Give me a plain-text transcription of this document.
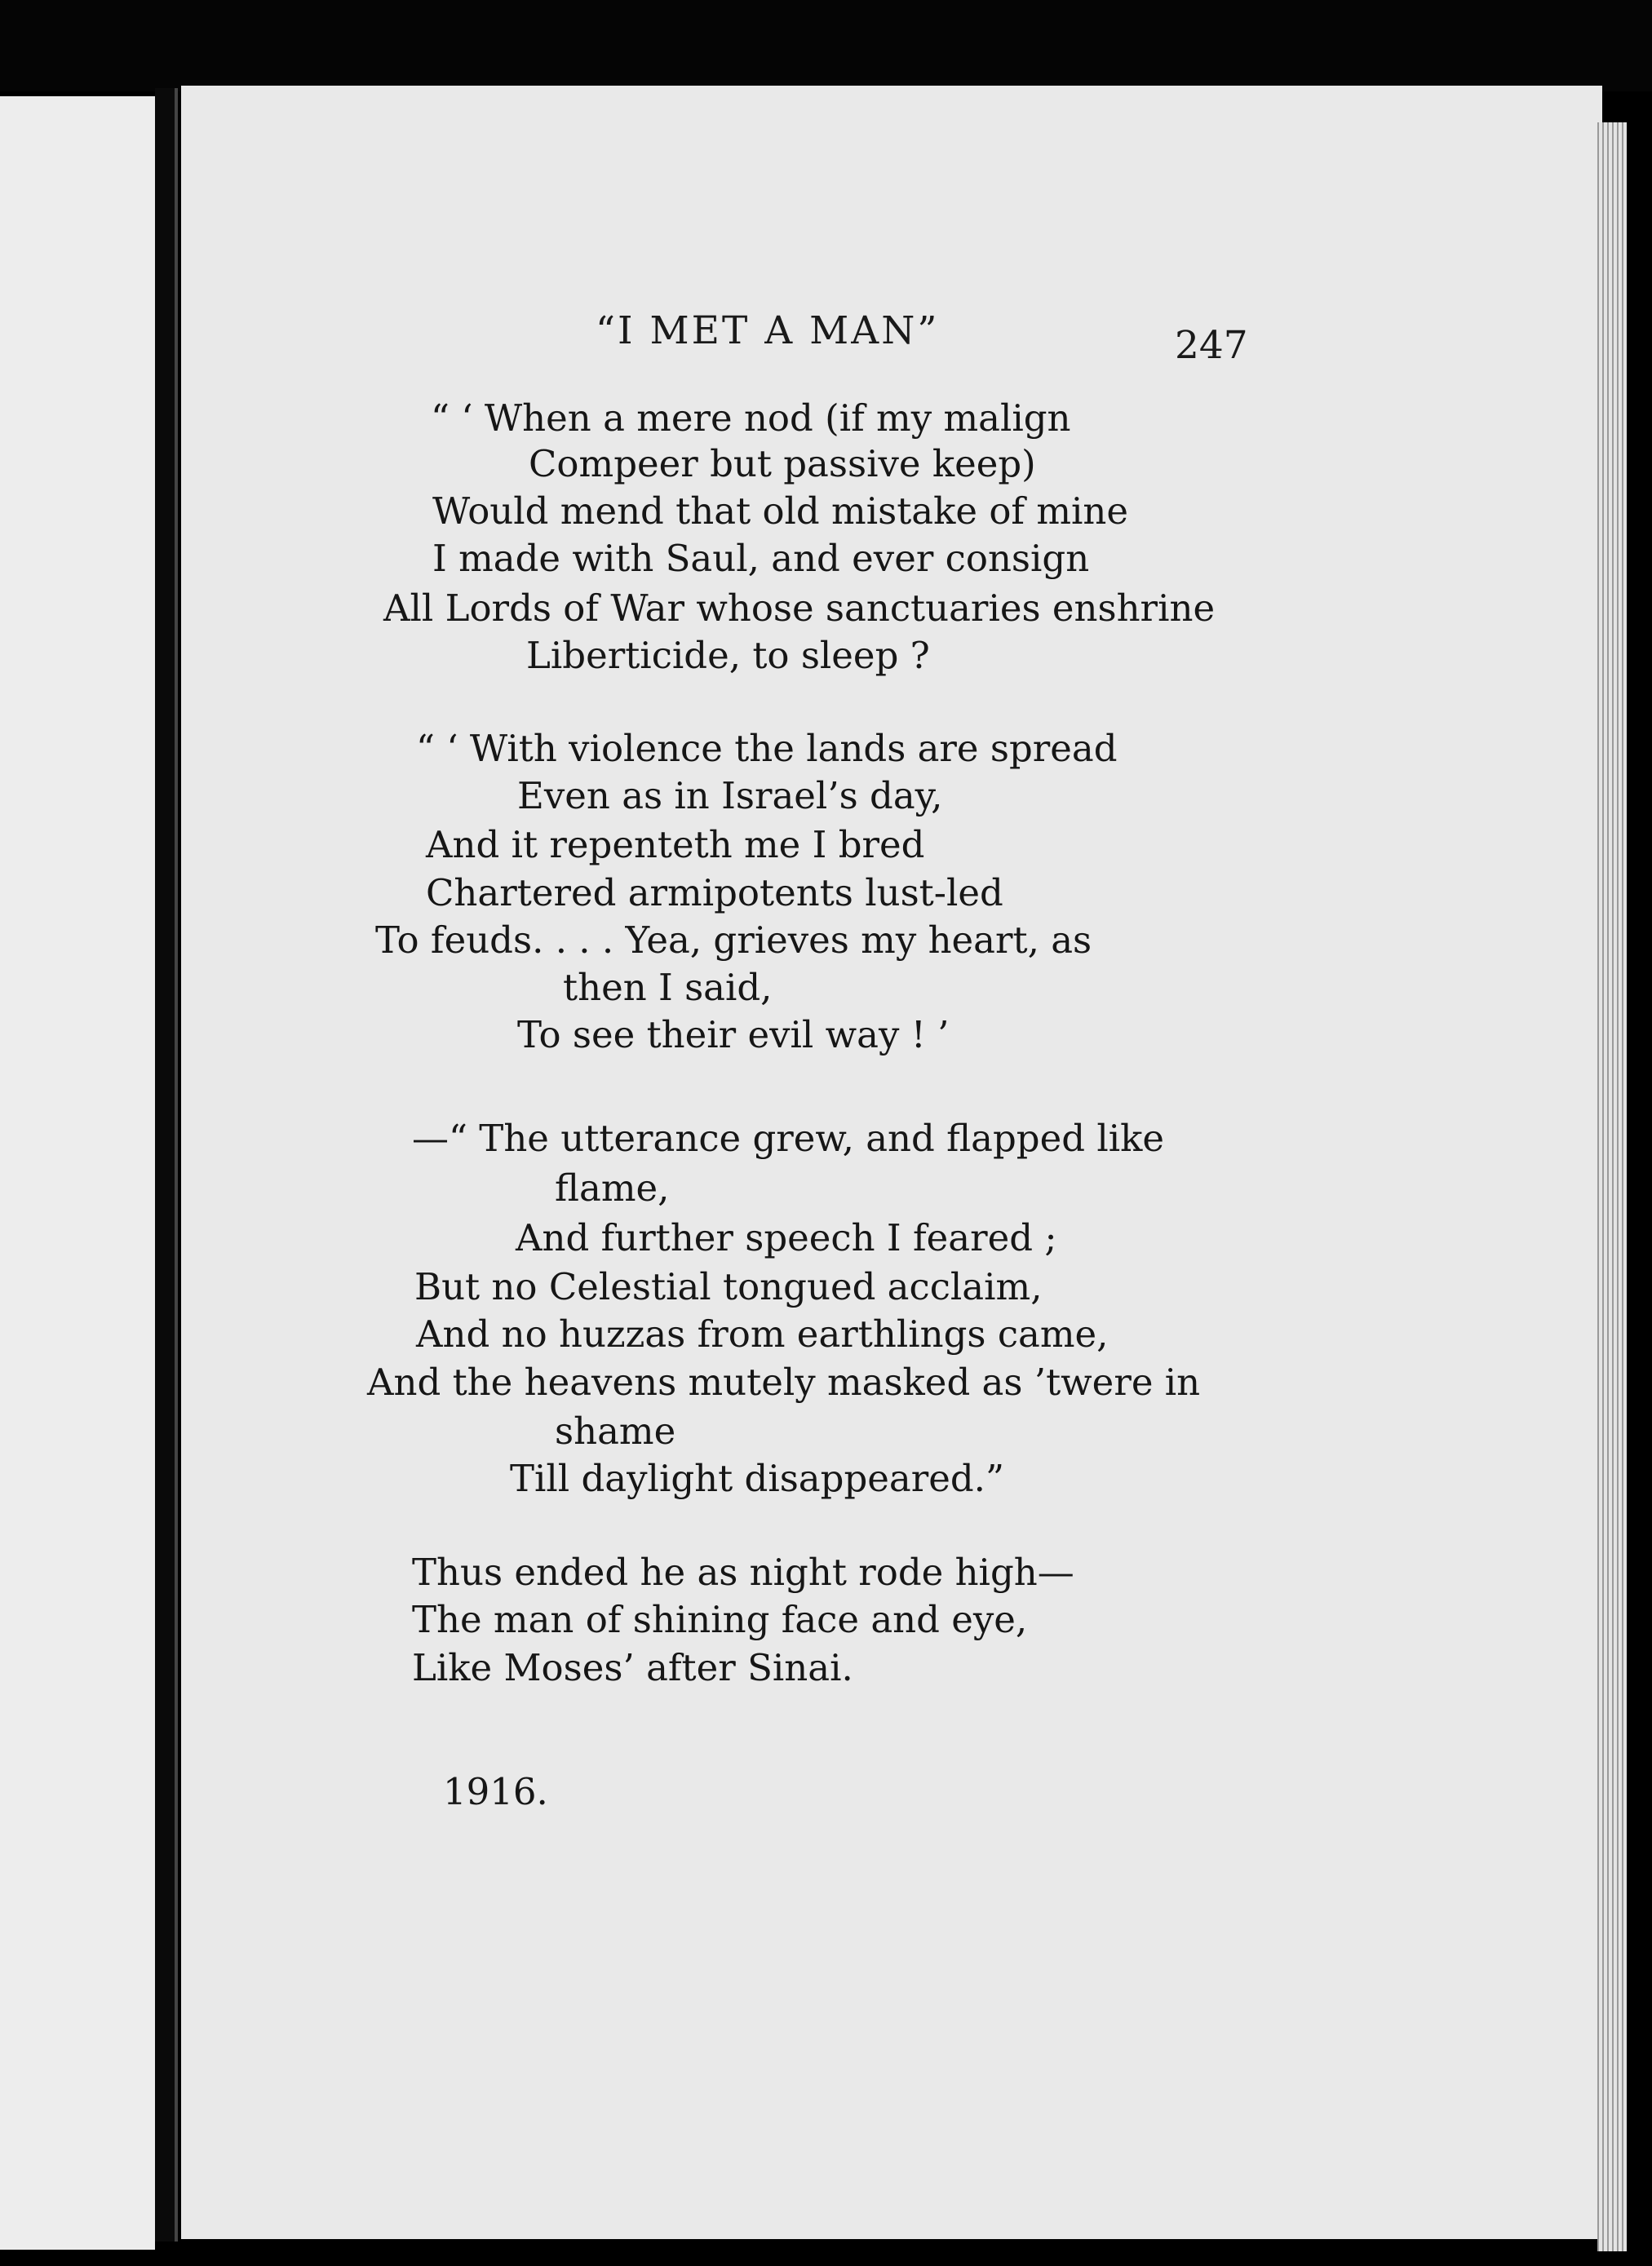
“I MET A MAN”	247
“ ‘ When a mere nod (if my malign
Compeer but passive keep)
Would mend that old mistake of mine
I made with Saul, and ever consign
All Lords of War whose sanctuaries enshrine
Liberticide, to sleep ?
“ ‘ With violence the lands are spread
Even as in Israel’s day,
And it repenteth me I bred
Chartered armipotents lust-led
To feuds. . . . Yea, grieves my heart, as
then I said,
To see their evil way ! ’
—“ The utterance grew, and flapped like
flame,
And further speech I feared ;
But no Celestial tongued acclaim,
And no huzzas from earthlings came,
And the heavens mutely masked as ’twere in
shame
Till daylight disappeared.”
Thus ended he as night rode high—
The man of shining face and eye,
Like Moses’ after Sinai.
1916.
